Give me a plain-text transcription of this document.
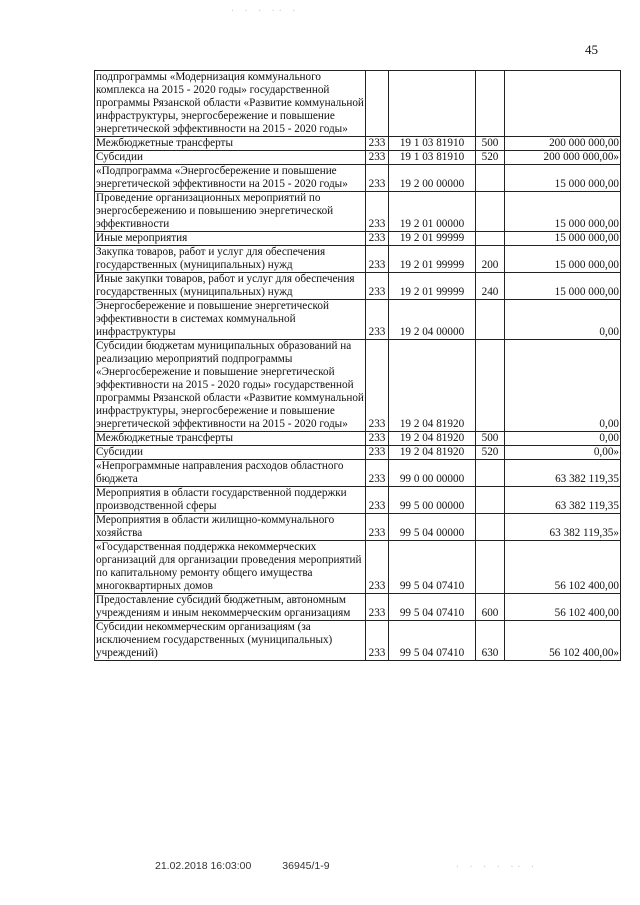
45
подпрограммы «Модернизация коммунального комплекса на 2015 - 2020 годы» государственной программы Рязанской области «Развитие коммунальной инфраструктуры, энергосбережение и повышение энергетической эффективности на 2015 - 2020 годы»				
Межбюджетные трансферты	233	19 1 03 81910	500	200 000 000,00
Субсидии	233	19 1 03 81910	520	200 000 000,00»
«Подпрограмма «Энергосбережение и повышение энергетической эффективности на 2015 - 2020 годы»	233	19 2 00 00000		15 000 000,00
Проведение организационных мероприятий по энергосбережению и повышению энергетической эффективности	233	19 2 01 00000		15 000 000,00
Иные мероприятия	233	19 2 01 99999		15 000 000,00
Закупка товаров, работ и услуг для обеспечения государственных (муниципальных) нужд	233	19 2 01 99999	200	15 000 000,00
Иные закупки товаров, работ и услуг для обеспечения государственных (муниципальных) нужд	233	19 2 01 99999	240	15 000 000,00
Энергосбережение и повышение энергетической эффективности в системах коммунальной инфраструктуры	233	19 2 04 00000		0,00
Субсидии бюджетам муниципальных образований на реализацию мероприятий подпрограммы «Энергосбережение и повышение энергетической эффективности на 2015 - 2020 годы» государственной программы Рязанской области «Развитие коммунальной инфраструктуры, энергосбережение и повышение энергетической эффективности на 2015 - 2020 годы»	233	19 2 04 81920		0,00
Межбюджетные трансферты	233	19 2 04 81920	500	0,00
Субсидии	233	19 2 04 81920	520	0,00»
«Непрограммные направления расходов областного бюджета	233	99 0 00 00000		63 382 119,35
Мероприятия в области государственной поддержки производственной сферы	233	99 5 00 00000		63 382 119,35
Мероприятия в области жилищно-коммунального хозяйства	233	99 5 04 00000		63 382 119,35»
«Государственная поддержка некоммерческих организаций для организации проведения мероприятий по капитальному ремонту общего имущества многоквартирных домов	233	99 5 04 07410		56 102 400,00
Предоставление субсидий бюджетным, автономным учреждениям и иным некоммерческим организациям	233	99 5 04 07410	600	56 102 400,00
Субсидии некоммерческим организациям (за исключением государственных (муниципальных) учреждений)	233	99 5 04 07410	630	56 102 400,00»
21.02.2018 16:03:00	36945/1-9
. . . .. .
. . . . .. .
